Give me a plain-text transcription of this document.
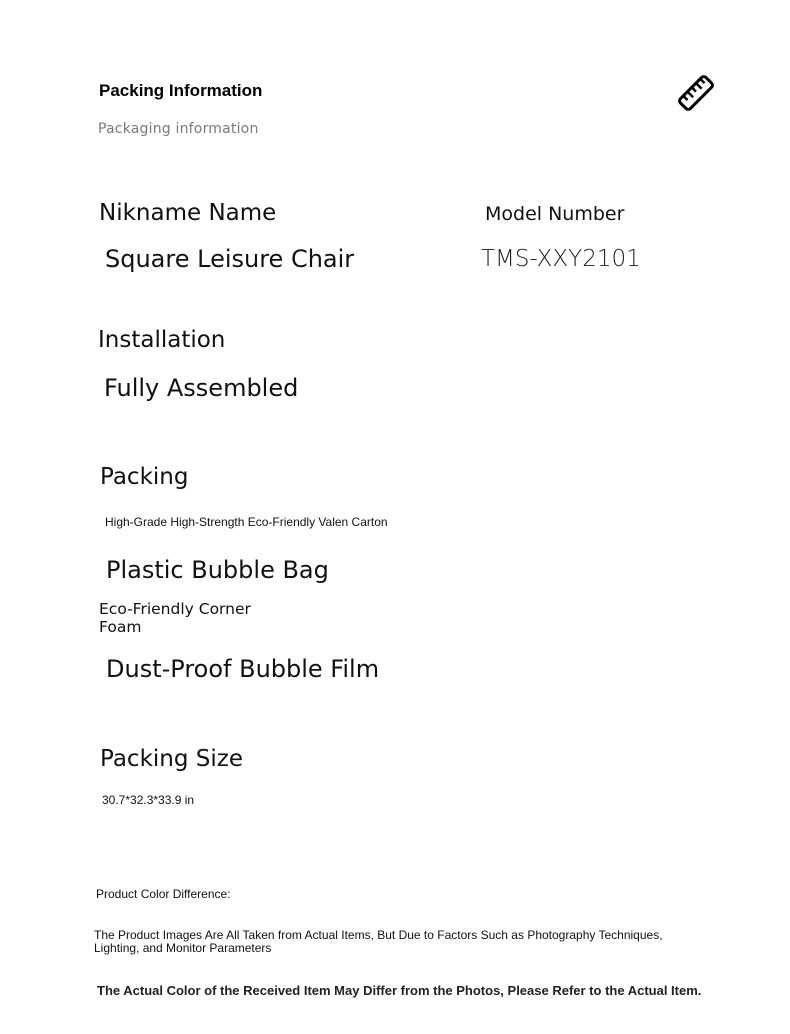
Packing Information
Packaging information
Nikname Name
Square Leisure Chair
Model Number
TMS-XXY2101
Installation
Fully Assembled
Packing
High-Grade High-Strength Eco-Friendly Valen Carton
Plastic Bubble Bag
Eco-Friendly Corner Foam
Dust-Proof Bubble Film
Packing Size
30.7*32.3*33.9 in
Product Color Difference:
The Product Images Are All Taken from Actual Items, But Due to Factors Such as Photography Techniques, Lighting, and Monitor Parameters
The Actual Color of the Received Item May Differ from the Photos, Please Refer to the Actual Item.
